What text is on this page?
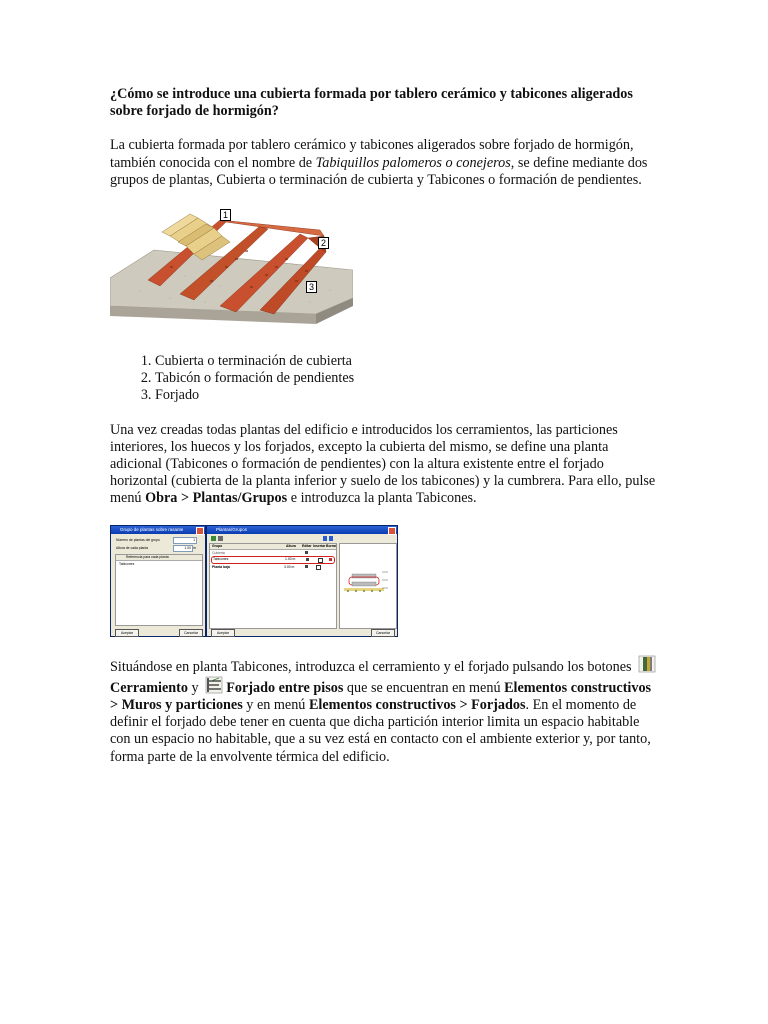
¿Cómo se introduce una cubierta formada por tablero cerámico y tabicones aligerados sobre forjado de hormigón?

La cubierta formada por tablero cerámico y tabicones aligerados sobre forjado de hormigón, también conocida con el nombre de Tabiquillos palomeros o conejeros, se define mediante dos grupos de plantas, Cubierta o terminación de cubierta y Tabicones o formación de pendientes.

1
2
3
1. Cubierta o terminación de cubierta
2. Tabicón o formación de pendientes
3. Forjado

Una vez creadas todas plantas del edificio e introducidos los cerramientos, las particiones interiores, los huecos y los forjados, excepto la cubierta del mismo, se define una planta adicional (Tabicones o formación de pendientes) con la altura existente entre el forjado horizontal (cubierta de la planta inferior y suelo de los tabicones) y la cumbrera. Para ello, pulse menú Obra > Plantas/Grupos e introduzca la planta Tabicones.

Grupo de plantas sobre rasante
Número de plantas del grupo	1
Altura de cada planta	1.00 m
Referencia para cada planta
Tabicones
Aceptar	Cancelar
Plantas/Grupos
Grupo	Altura Editar Insertar Borrar
Cubierta
Tabicones	1.00 m
Planta baja	3.00 m
Aceptar	Cancelar

Situándose en planta Tabicones, introduzca el cerramiento y el forjado pulsando los botones Cerramiento y Forjado entre pisos que se encuentran en menú Elementos constructivos > Muros y particiones y en menú Elementos constructivos > Forjados. En el momento de definir el forjado debe tener en cuenta que dicha partición interior limita un espacio habitable con un espacio no habitable, que a su vez está en contacto con el ambiente exterior y, por tanto, forma parte de la envolvente térmica del edificio.
